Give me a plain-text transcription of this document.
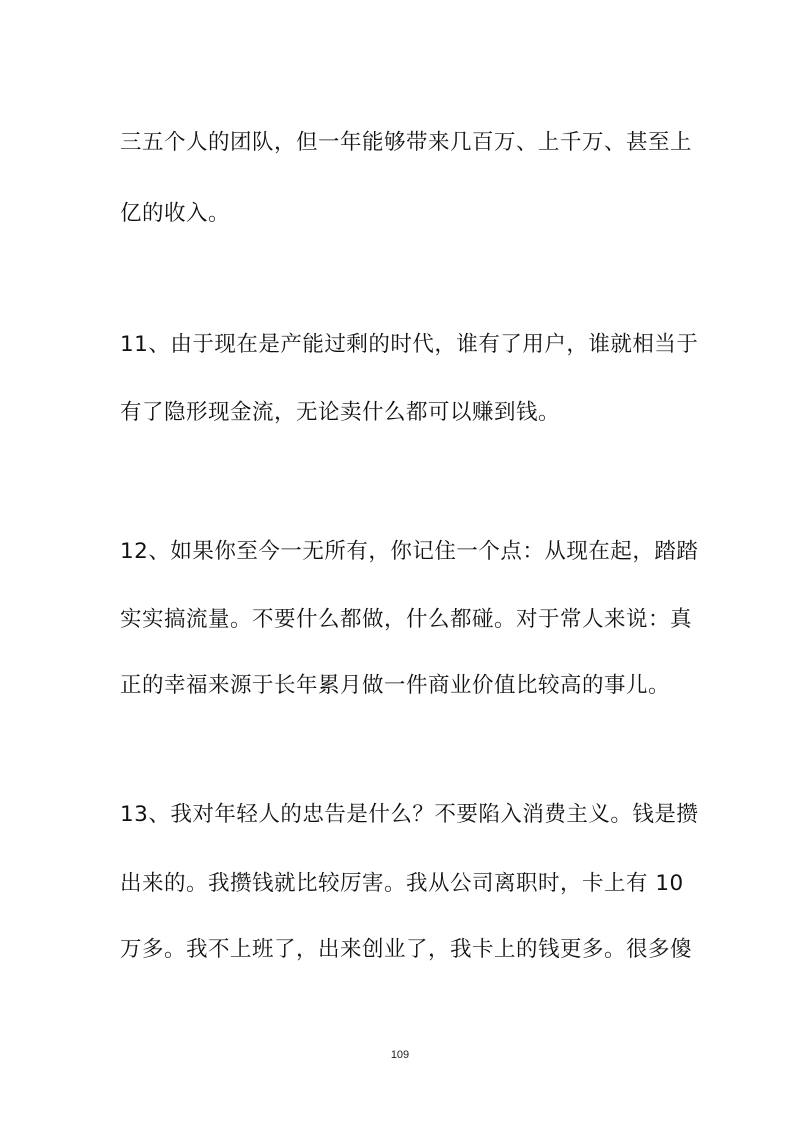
三五个人的团队，但一年能够带来几百万、上千万、甚至上
亿的收入。
11、由于现在是产能过剩的时代，谁有了用户，谁就相当于
有了隐形现金流，无论卖什么都可以赚到钱。
12、如果你至今一无所有，你记住一个点：从现在起，踏踏
实实搞流量。不要什么都做，什么都碰。对于常人来说：真
正的幸福来源于长年累月做一件商业价值比较高的事儿。
13、我对年轻人的忠告是什么？不要陷入消费主义。钱是攒
出来的。我攒钱就比较厉害。我从公司离职时，卡上有 10
万多。我不上班了，出来创业了，我卡上的钱更多。很多傻
109
